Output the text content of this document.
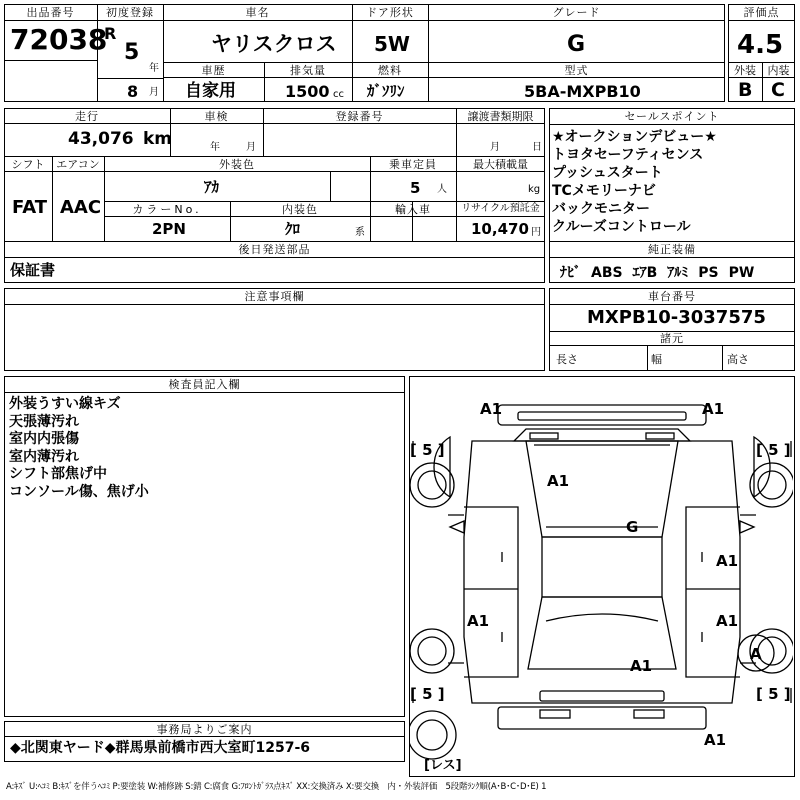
出品番号
72038
初度登録
R
5
年
8 月
車名
ヤリスクロス
ドア形状
5W
グレード
G
車歴
自家用
排気量
1500 cc
燃料
ｶﾞｿﾘﾝ
型式
5BA-MXPB10
評価点
4.5
外装	内装
B C
走行
43,076 km
車検
年	月
登録番号	譲渡書類期限
月	日
シフト	エアコン
FAT AAC
外装色
ｱｶ
乗車定員
5 人
最大積載量
kg
カラーNo.
2PN
内装色
ｸﾛ	系
輸入車	リサイクル預託金
10,470 円
後日発送部品
保証書
セールスポイント
★オークションデビュー★
トヨタセーフティセンス
プッシュスタート
TCメモリーナビ
バックモニター
クルーズコントロール
純正装備
ﾅﾋﾞ ABS ｴｱB ｱﾙﾐ PS PW
注意事項欄	車台番号
MXPB10-3037575
諸元
長さ	幅	高さ
検査員記入欄
外装うすい線キズ
天張薄汚れ
室内内張傷
室内薄汚れ
シフト部焦げ中
コンソール傷、焦げ小
事務局よりご案内
◆北関東ヤード◆群馬県前橋市西大室町1257-6
A1	A1
A1
G
A1
A1	A1
A1
A1
A
[ 5 ]	[ 5 ]
[ 5 ]	[ 5 ]
[レス]
A:ｷｽﾞ U:ﾍｺﾐ B:ｷｽﾞを伴うﾍｺﾐ P:要塗装 W:補修跡 S:錆 C:腐食 G:ﾌﾛﾝﾄｶﾞﾗｽ点ｷｽﾞ XX:交換済み X:要交換　内・外装評価　5段階ﾗﾝｸ順(A･B･C･D･E) 1
